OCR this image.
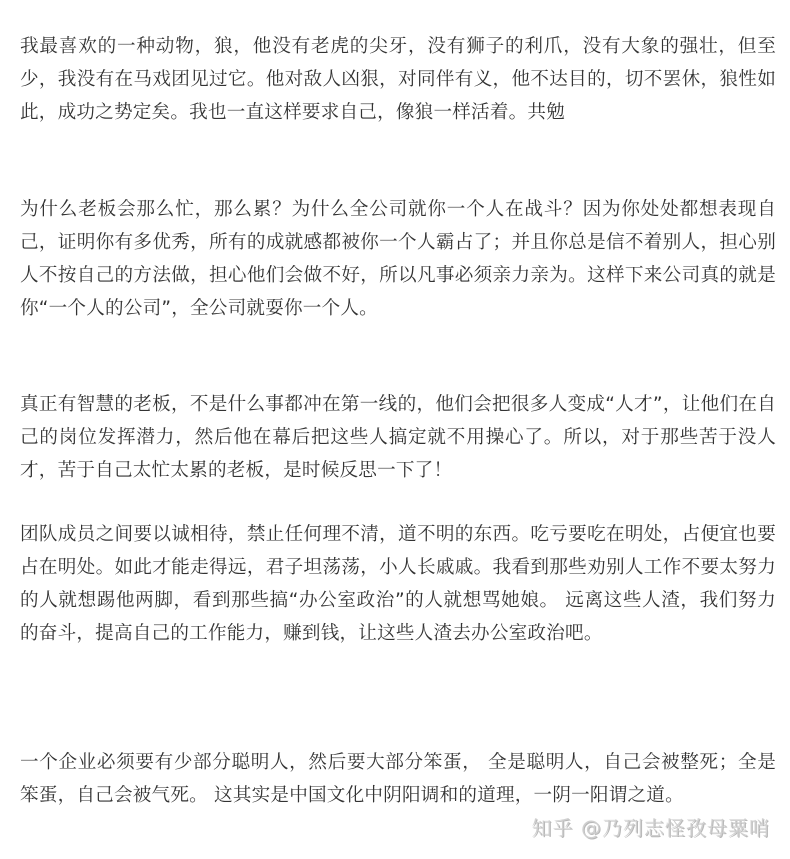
我最喜欢的一种动物，狼，他没有老虎的尖牙，没有狮子的利爪，没有大象的强壮，但至少，我没有在马戏团见过它。他对敌人凶狠，对同伴有义，他不达目的，切不罢休，狼性如此，成功之势定矣。我也一直这样要求自己，像狼一样活着。共勉

为什么老板会那么忙，那么累？为什么全公司就你一个人在战斗？因为你处处都想表现自己，证明你有多优秀，所有的成就感都被你一个人霸占了；并且你总是信不着别人，担心别人不按自己的方法做，担心他们会做不好，所以凡事必须亲力亲为。这样下来公司真的就是你“一个人的公司”，全公司就耍你一个人。

真正有智慧的老板，不是什么事都冲在第一线的，他们会把很多人变成“人才”，让他们在自己的岗位发挥潜力，然后他在幕后把这些人搞定就不用操心了。所以，对于那些苦于没人才，苦于自己太忙太累的老板，是时候反思一下了！

团队成员之间要以诚相待，禁止任何理不清，道不明的东西。吃亏要吃在明处，占便宜也要占在明处。如此才能走得远，君子坦荡荡，小人长戚戚。我看到那些劝别人工作不要太努力的人就想踢他两脚，看到那些搞“办公室政治”的人就想骂她娘。 远离这些人渣，我们努力的奋斗，提高自己的工作能力，赚到钱，让这些人渣去办公室政治吧。

一个企业必须要有少部分聪明人，然后要大部分笨蛋， 全是聪明人，自己会被整死；全是笨蛋，自己会被气死。 这其实是中国文化中阴阳调和的道理，一阴一阳谓之道。

知乎 @乃列志怪孜母粟哨
